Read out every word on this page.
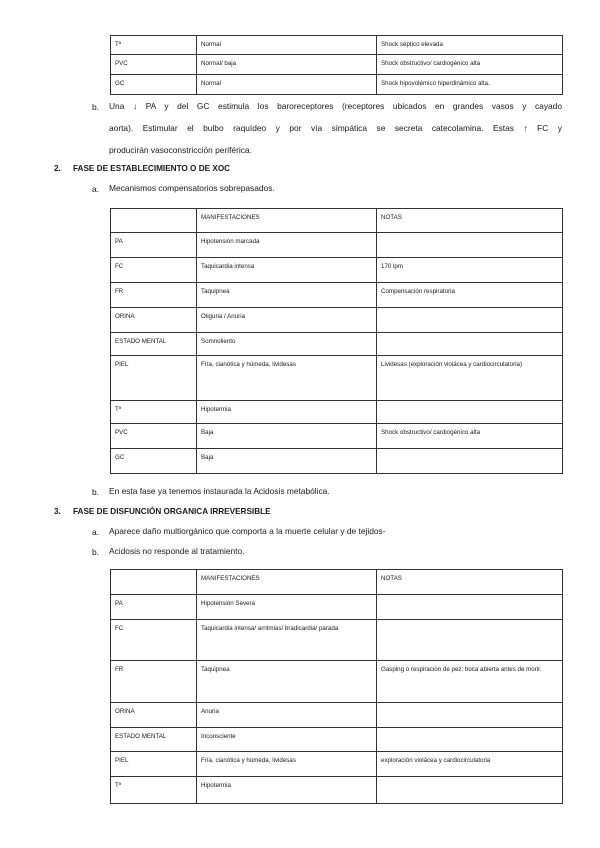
Tª	Normal	Shock séptico elevada
PVC	Normal/ baja	Shock obstructivo/ cardiogénico alta
GC	Normal	Shock hipovolémico hiperdinámico alta.
b. Una ↓ PA y del GC estimula los baroreceptores (receptores ubicados en grandes vasos y cayado
aorta). Estimular el bulbo raquídeo y por vía simpática se secreta catecolamina. Estas ↑ FC y
producirán vasoconstricción periférica.
2. FASE DE ESTABLECIMIENTO O DE XOC
a. Mecanismos compensatorios sobrepasados.
	MANIFESTACIONES	NOTAS
PA	Hipotensión marcada	
FC	Taquicardia intensa	170 lpm
FR	Taquipnea	Compensación respiratoria
ORINA	Oliguria / Anuria	
ESTADO MENTAL	Somnoliento	
PIEL	Fría, cianótica y húmeda, lividesas	Lividesas (exploración violácea y cardiocirculatoria)
Tª	Hipotermia	
PVC	Baja	Shock obstructivo/ cardiogénico alta
GC	Baja	
b. En esta fase ya tenemos instaurada la Acidosis metabólica.
3. FASE DE DISFUNCIÓN ORGANICA IRREVERSIBLE
a. Aparece daño multiorgánico que comporta a la muerte celular y de tejidos-
b. Acidosis no responde al tratamiento.
	MANIFESTACIONES	NOTAS
PA	Hipotensión Severa	
FC	Taquicardia intensa/ arritmias/ bradicardia/ parada	
FR	Taquipnea	Gasping o respiración de pez: boca abierta antes de morir.
ORINA	Anuria	
ESTADO MENTAL	Inconsciente	
PIEL	Fría, cianótica y húmeda, lividesas	exploración violácea y cardiocirculatoria
Tª	Hipotermia	
